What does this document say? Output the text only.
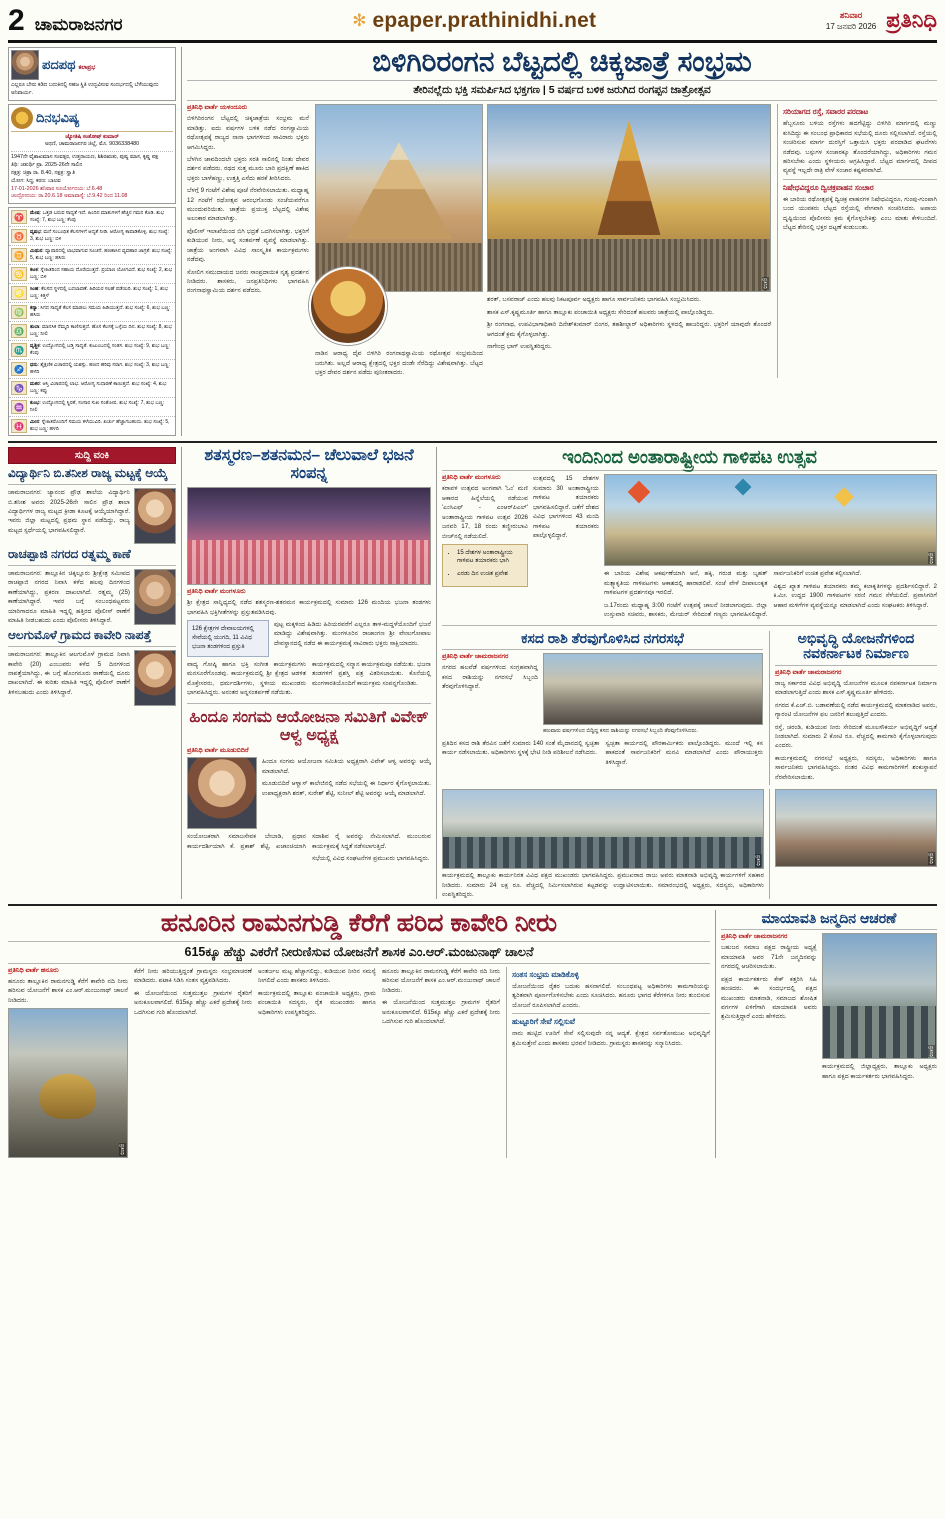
2 ಚಾಮರಾಜನಗರ	✻ epaper.prathinidhi.net	ಶನಿವಾರ
17 ಜನವರಿ 2026 ಪ್ರತಿನಿಧಿ
ಪದಪಥ ಕಲಾಪ್ರಭ
ಎಲ್ಲರೂ ಬೇರು ಕಡಿದ ಬದುಕಿನಲ್ಲಿ ಸಹಜ ಸ್ಥಿತಿ ಉದ್ಭವಿಸುವ ಸಂದರ್ಭದಲ್ಲಿ ಬೆಳೆಯುವುದು ಅನಿವಾರ್ಯ.
ದಿನಭವಿಷ್ಯ
ಜ್ಯೋತಿಷಿ ಸಂತೋಷ್ ಕುಮಾರ್
ಅಥಣಿ, ಚಾಮರಾಜನಗರ ಜಿಲ್ಲೆ, ಮೊ. 9036338480
1947ನೇ ವೈಶಾಖಮಾಸ ಸಂವತ್ಸರ, ಉತ್ತರಾಯಣ, ಶಿಶಿರಋತು, ಪುಷ್ಯ ಮಾಸ, ಕೃಷ್ಣ ಪಕ್ಷ
ತಿಥಿ: ಚತುರ್ಥಿ ಪ್ರಾ. 2025-26ನೇ ಸಾಲಿನ
ನಕ್ಷತ್ರ: ಚಿತ್ರಾ ರಾ. 8.40, ನಕ್ಷತ್ರ: ಸ್ವಾತಿ
ಯೋಗ: ಸಿದ್ಧ, ಕರಣ: ಬಾಲವ
17-01-2026 ಶನಿವಾರ ಸೂರ್ಯೋದಯ: ಬೆ.6.48
ಚಂದ್ರೋದಯ: ರಾ.20.6.18 ಅಮಾವಾಸ್ಯೆ: ಬೆ.9.42 ರಿಂದ 11.08
♈	ಮೇಷ: ಒತ್ತಡ ಬರುವ ಸಾಧ್ಯತೆ ಇದೆ. ಹಿಂದಿನ ಮಾತುಗಳಿಗೆ ಹೆಚ್ಚಿನ ಗಮನ ಕೊಡಿ. ಶುಭ ಸಂಖ್ಯೆ: 7, ಶುಭ ಬಣ್ಣ: ಕೆಂಪು
♉	ವೃಷಭ: ಮನೆ ಸಂಬಂಧಿತ ಕೆಲಸಗಳಿಗೆ ಆದ್ಯತೆ ನೀಡಿ. ಆರೋಗ್ಯ ಕಾಪಾಡಿಕೊಳ್ಳಿ. ಶುಭ ಸಂಖ್ಯೆ: 3, ಶುಭ ಬಣ್ಣ: ಬಿಳಿ
♊	ಮಿಥುನ: ವ್ಯಾಪಾರದಲ್ಲಿ ಲಾಭವಾಗುವ ಸೂಚನೆ. ಹಣಕಾಸಿನ ವ್ಯವಹಾರ ಜಾಗ್ರತೆ. ಶುಭ ಸಂಖ್ಯೆ: 5, ಶುಭ ಬಣ್ಣ: ಹಸಿರು
♋	ಕಟಕ: ಸ್ನೇಹಿತರಿಂದ ಸಹಾಯ ದೊರೆಯುತ್ತದೆ. ಪ್ರಯಾಣ ಯೋಗವಿದೆ. ಶುಭ ಸಂಖ್ಯೆ: 2, ಶುಭ ಬಣ್ಣ: ಬಿಳಿ
♌	ಸಿಂಹ: ಕೆಲಸದ ಸ್ಥಳದಲ್ಲಿ ಬದಲಾವಣೆ. ಹಿರಿಯರ ಸಲಹೆ ಪಡೆಯಿರಿ. ಶುಭ ಸಂಖ್ಯೆ: 1, ಶುಭ ಬಣ್ಣ: ಕಿತ್ತಳೆ
♍	ಕನ್ಯಾ: ಸಿಗದ ಸಾಧ್ಯತೆ ಕೆಲಸ ಮಾಡಲು ಸಮಯ ಹಿಡಿಯುತ್ತದೆ. ಶುಭ ಸಂಖ್ಯೆ: 6, ಶುಭ ಬಣ್ಣ: ಹಸಿರು
♎	ತುಲಾ: ಮಾನಸಿಕ ನೆಮ್ಮದಿ ಕಾಣಿಸುತ್ತದೆ. ಹೊಸ ಕೆಲಸಕ್ಕೆ ಒಳ್ಳೆಯ ದಿನ. ಶುಭ ಸಂಖ್ಯೆ: 8, ಶುಭ ಬಣ್ಣ: ನೀಲಿ
♏	ವೃಶ್ಚಿಕ: ಉದ್ಯೋಗದಲ್ಲಿ ಬಡ್ತಿ ಸಾಧ್ಯತೆ. ಕುಟುಂಬದಲ್ಲಿ ಸಂತಸ. ಶುಭ ಸಂಖ್ಯೆ: 9, ಶುಭ ಬಣ್ಣ: ಕೆಂಪು
♐	ಧನು: ಶೈಕ್ಷಣಿಕ ವಿಚಾರದಲ್ಲಿ ಯಶಸ್ಸು. ಹಣದ ಹರಿವು ಸರಾಗ. ಶುಭ ಸಂಖ್ಯೆ: 3, ಶುಭ ಬಣ್ಣ: ಹಳದಿ
♑	ಮಕರ: ಆಸ್ತಿ ವಿಚಾರದಲ್ಲಿ ಲಾಭ. ಆರೋಗ್ಯ ಸುಧಾರಣೆ ಕಾಣುತ್ತದೆ. ಶುಭ ಸಂಖ್ಯೆ: 4, ಶುಭ ಬಣ್ಣ: ಕಪ್ಪು
♒	ಕುಂಭ: ಉದ್ಯೋಗದಲ್ಲಿ ಸ್ಥಿರತೆ, ಸಂಸಾರ ಸುಖ ಸಂತೋಷ. ಶುಭ ಸಂಖ್ಯೆ: 7, ಶುಭ ಬಣ್ಣ: ನೀಲಿ
♓	ಮೀನ: ಸ್ನೇಹಿತರೊಂದಿಗೆ ಸಮಯ ಕಳೆಯುವಿರಿ. ಖರ್ಚು ಹೆಚ್ಚಾಗಬಹುದು. ಶುಭ ಸಂಖ್ಯೆ: 5, ಶುಭ ಬಣ್ಣ: ಹಳದಿ
ಬಿಳಿಗಿರಿರಂಗನ ಬೆಟ್ಟದಲ್ಲಿ ಚಿಕ್ಕಜಾತ್ರೆ ಸಂಭ್ರಮ
ತೇರಿನಲ್ಲೆದು ಭಕ್ತಿ ಸಮರ್ಪಿಸಿದ ಭಕ್ತಗಣ | 5 ವರ್ಷದ ಬಳಿಕ ಜರುಗಿದ ರಂಗಪ್ಪನ ಜಾತ್ರೋತ್ಸವ
ಪ್ರತಿನಿಧಿ ವಾರ್ತೆ ಯಳಂದೂರು

ಬಿಳಿಗಿರಿರಂಗನ ಬೆಟ್ಟದಲ್ಲಿ ಚಿಕ್ಕಜಾತ್ರೆಯ ಸಂಭ್ರಮ ಮನೆ ಮಾಡಿತ್ತು. ಐದು ವರ್ಷಗಳ ಬಳಿಕ ನಡೆದ ರಂಗಸ್ವಾಮಿಯ ರಥೋತ್ಸವಕ್ಕೆ ರಾಜ್ಯದ ನಾನಾ ಭಾಗಗಳಿಂದ ಸಾವಿರಾರು ಭಕ್ತರು ಆಗಮಿಸಿದ್ದರು.

ಬೆಳಗಿನ ಜಾವದಿಂದಲೇ ಭಕ್ತರು ಸರತಿ ಸಾಲಿನಲ್ಲಿ ನಿಂತು ದೇವರ ದರ್ಶನ ಪಡೆದರು. ರಥದ ಸುತ್ತ ಮೂರು ಬಾರಿ ಪ್ರದಕ್ಷಿಣೆ ಹಾಕಿದ ಭಕ್ತರು ಬಾಳೆಹಣ್ಣು, ಉತ್ತತ್ತಿ ಎಸೆದು ಹರಕೆ ತೀರಿಸಿದರು.

ಬೆಳಗ್ಗೆ 9 ಗಂಟೆಗೆ ವಿಶೇಷ ಪೂಜೆ ನೆರವೇರಿಸಲಾಯಿತು. ಮಧ್ಯಾಹ್ನ 12 ಗಂಟೆಗೆ ರಥೋತ್ಸವ ಆರಂಭಗೊಂಡು ಸಂಜೆಯವರೆಗೂ ಮುಂದುವರಿಯಿತು. ಜಾತ್ರೆಯ ಪ್ರಯುಕ್ತ ಬೆಟ್ಟದಲ್ಲಿ ವಿಶೇಷ ಅಲಂಕಾರ ಮಾಡಲಾಗಿತ್ತು.

ಪೊಲೀಸ್ ಇಲಾಖೆಯಿಂದ ಬಿಗಿ ಭದ್ರತೆ ಒದಗಿಸಲಾಗಿತ್ತು. ಭಕ್ತರಿಗೆ ಕುಡಿಯುವ ನೀರು, ಅನ್ನ ಸಂತರ್ಪಣೆ ವ್ಯವಸ್ಥೆ ಮಾಡಲಾಗಿತ್ತು. ಜಾತ್ರೆಯ ಅಂಗವಾಗಿ ವಿವಿಧ ಸಾಂಸ್ಕೃತಿಕ ಕಾರ್ಯಕ್ರಮಗಳು ನಡೆದವು.

ಸೋಲಿಗ ಸಮುದಾಯದ ಜನರು ಸಾಂಪ್ರದಾಯಿಕ ನೃತ್ಯ ಪ್ರದರ್ಶನ ನೀಡಿದರು. ಶಾಸಕರು, ಜನಪ್ರತಿನಿಧಿಗಳು ಭಾಗವಹಿಸಿ ರಂಗನಾಥಸ್ವಾಮಿಯ ದರ್ಶನ ಪಡೆದರು.

ಪ್ರತಿನಿಧಿ
ನಾಡಿನ ಆರಾಧ್ಯ ದೈವ ಬಿಳಿಗಿರಿ ರಂಗನಾಥಸ್ವಾಮಿಯ ರಥೋತ್ಸವ ಸಂಭ್ರಮದಿಂದ ಜರುಗಿತು. ಅಲ್ಲದೆ ಆರಾಧ್ಯ ಕ್ಷೇತ್ರದಲ್ಲಿ ಭಕ್ತರ ದಂಡೇ ನೆರೆದಿದ್ದು ವಿಶೇಷವಾಗಿತ್ತು. ಬೆಟ್ಟದ ಭಕ್ತರ ದೇವರ ದರ್ಶನ ಪಡೆದು ಪುನೀತರಾದರು.

ಶರತ್, ಬಸವರಾಜ್ ಎಂದು ಹಲವು ನಿಕಟಪೂರ್ವ ಅಧ್ಯಕ್ಷರು ಹಾಗೂ ಸಾರ್ವಜನಿಕರು ಭಾಗವಹಿಸಿ ಸಂಭ್ರಮಿಸಿದರು.

ಶಾಸಕ ಎಸ್.ಕೃಷ್ಣಮೂರ್ತಿ ಹಾಗೂ ತಾಲ್ಲೂಕು ಪಂಚಾಯಿತಿ ಅಧ್ಯಕ್ಷರು ಸೇರಿದಂತೆ ಹಲವರು ಜಾತ್ರೆಯಲ್ಲಿ ಪಾಲ್ಗೊಂಡಿದ್ದರು.

ಶ್ರೀ ರಂಗನಾಥ, ಉಪವಿಭಾಗಾಧಿಕಾರಿ ದಿನೇಶ್‌ಕುಮಾರ್ ಬಿಂಗರ, ತಹಶೀಲ್ದಾರ್ ಅಧಿಕಾರಿಗಳು ಸ್ಥಳದಲ್ಲಿ ಹಾಜರಿದ್ದರು. ಭಕ್ತರಿಗೆ ಯಾವುದೇ ತೊಂದರೆ ಆಗದಂತೆ ಕ್ರಮ ಕೈಗೊಳ್ಳಲಾಗಿತ್ತು.

ನಾಗೇಂದ್ರ ಭಾಗ್ ಉಪಸ್ಥಿತರಿದ್ದರು.

ಸರಿಯಾಗದ ರಸ್ತೆ, ಸವಾರರ ಪರದಾಟ
ಹೆಬ್ಬಸೂರು ಬಳಿಯ ರಸ್ತೆಗಳು ಹದಗೆಟ್ಟಿದ್ದು ಬಿಳಿಗಿರಿ ಮಾರ್ಗದಲ್ಲಿ ಮಣ್ಣು ಕುಸಿದಿದ್ದು ಈ ಸಂಬಂಧ ಪ್ರಾಧಿಕಾರದ ಸಭೆಯಲ್ಲಿ ದೂರು ಸಲ್ಲಿಸಲಾಗಿದೆ. ರಸ್ತೆಯಲ್ಲಿ ಸಂಚರಿಸುವ ಮಾರ್ಗ ದುರಸ್ತಿಗೆ ಒತ್ತಾಯಿಸಿ ಭಕ್ತರು ಪರದಾಡಿದ ಘಟನೆಗಳು ನಡೆದವು. ಬಸ್ಸುಗಳ ಸಂಚಾರಕ್ಕೂ ತೊಂದರೆಯಾಗಿದ್ದು, ಅಧಿಕಾರಿಗಳು ಗಮನ ಹರಿಸಬೇಕು ಎಂದು ಸ್ಥಳೀಯರು ಆಗ್ರಹಿಸಿದ್ದಾರೆ. ಬೆಟ್ಟದ ಮಾರ್ಗದಲ್ಲಿ ದೀಪದ ವ್ಯವಸ್ಥೆ ಇಲ್ಲದೇ ರಾತ್ರಿ ವೇಳೆ ಸಂಚಾರ ಕಷ್ಟಕರವಾಗಿದೆ.
ನಿಷೇಧವಿದ್ದರೂ ದ್ವಿಚಕ್ರವಾಹನ ಸಂಚಾರ
ಈ ಬಾರಿಯ ರಥೋತ್ಸವಕ್ಕೆ ದ್ವಿಚಕ್ರ ವಾಹನಗಳ ನಿಷೇಧವಿದ್ದರೂ, ಗುಂಪು-ಗುಂಪಾಗಿ ಬಂದ ಯುವಕರು ಬೆಟ್ಟದ ರಸ್ತೆಯಲ್ಲಿ ವೇಗವಾಗಿ ಸಂಚರಿಸಿದರು. ಅಪಾಯ ದೃಷ್ಟಿಯಿಂದ ಪೊಲೀಸರು ಕ್ರಮ ಕೈಗೊಳ್ಳಬೇಕಿತ್ತು ಎಂಬ ಮಾತು ಕೇಳಿಬಂದಿದೆ. ಬೆಟ್ಟದ ತೇರಿನಲ್ಲಿ ಭಕ್ತರ ದಟ್ಟಣೆ ಕಂಡುಬಂತು.
ಸುದ್ದಿ ವಂಕಿ
ವಿದ್ಯಾರ್ಥಿನಿ ಬಿ.ತನೀಶ ರಾಜ್ಯ ಮಟ್ಟಕ್ಕೆ ಆಯ್ಕೆ
ಚಾಮರಾಜನಗರ: ಜ್ಯಾನಂದ ಪ್ರೌಢ ಶಾಲೆಯ ವಿದ್ಯಾರ್ಥಿನಿ ಬಿ.ತನೀಶ ಅವರು 2025-26ನೇ ಸಾಲಿನ ಪ್ರೌಢ ಶಾಲಾ ವಿದ್ಯಾರ್ಥಿಗಳ ರಾಜ್ಯ ಮಟ್ಟದ ಕ್ರೀಡಾ ಕೂಟಕ್ಕೆ ಆಯ್ಕೆಯಾಗಿದ್ದಾರೆ. ಇವರು ಜಿಲ್ಲಾ ಮಟ್ಟದಲ್ಲಿ ಪ್ರಥಮ ಸ್ಥಾನ ಪಡೆದಿದ್ದು, ರಾಜ್ಯ ಮಟ್ಟದ ಸ್ಪರ್ಧೆಯಲ್ಲಿ ಭಾಗವಹಿಸಲಿದ್ದಾರೆ.
ರಾಚಪ್ಪಾಜಿ ನಗರದ ರತ್ನಮ್ಮ ಕಾಣೆ
ಚಾಮರಾಜನಗರ: ತಾಲ್ಲೂಕಿನ ಚಿಕ್ಕಲ್ಲೂರು ಶ್ರೀಕ್ಷೇತ್ರ ಸಮೀಪದ ರಾಚಪ್ಪಾಜಿ ನಗರದ ನಿವಾಸಿ ಕಳೆದ ಹಲವು ದಿನಗಳಿಂದ ಕಾಣೆಯಾಗಿದ್ದು, ಪ್ರಕರಣ ದಾಖಲಾಗಿದೆ. ರತ್ನಮ್ಮ (25) ಕಾಣೆಯಾಗಿದ್ದಾರೆ. ಇವರ ಬಗ್ಗೆ ಸಂಬಂಧಪಟ್ಟವರು ಯಾರಿಗಾದರೂ ಮಾಹಿತಿ ಇದ್ದಲ್ಲಿ ಹತ್ತಿರದ ಪೊಲೀಸ್ ಠಾಣೆಗೆ ಮಾಹಿತಿ ನೀಡಬಹುದು ಎಂದು ಪೊಲೀಸರು ತಿಳಿಸಿದ್ದಾರೆ.
ಆಲಗುಮೊಳೆ ಗ್ರಾಮದ ಕಾವೇರಿ ನಾಪತ್ತೆ
ಚಾಮರಾಜನಗರ: ತಾಲ್ಲೂಕಿನ ಆಲಗುಮೊಳೆ ಗ್ರಾಮದ ನಿವಾಸಿ ಕಾವೇರಿ (20) ಎಂಬುವರು ಕಳೆದ 5 ದಿನಗಳಿಂದ ನಾಪತ್ತೆಯಾಗಿದ್ದು, ಈ ಬಗ್ಗೆ ಹೊಂಗನೂರು ಠಾಣೆಯಲ್ಲಿ ದೂರು ದಾಖಲಾಗಿದೆ. ಈ ಕುರಿತು ಮಾಹಿತಿ ಇದ್ದಲ್ಲಿ ಪೊಲೀಸ್ ಠಾಣೆಗೆ ತಿಳಿಸಬಹುದು ಎಂದು ತಿಳಿಸಿದ್ದಾರೆ.
ಶತಸ್ಮರಣ–ಶತನಮನ– ಚೆಲುವಾಲೆ ಭಜನೆ ಸಂಪನ್ನ
ಪ್ರತಿನಿಧಿ ವಾರ್ತೆ ಮಂಗಳೂರು
ಶ್ರೀ ಕ್ಷೇತ್ರದ ಸಾನ್ನಿಧ್ಯದಲ್ಲಿ ನಡೆದ ಶತಸ್ಮರಣ-ಶತನಮನ ಕಾರ್ಯಕ್ರಮದಲ್ಲಿ ಸುಮಾರು 126 ಮಂದಿಯ ಭಜನಾ ತಂಡಗಳು ಭಾಗವಹಿಸಿ ಭಕ್ತಿಗೀತೆಗಳನ್ನು ಪ್ರಸ್ತುತಪಡಿಸಿದವು.
126 ಕ್ಷೇತ್ರಗಳ ದೇವಾಲಯಗಳಲ್ಲಿ ಸೇವೆಯಲ್ಲಿ ಯುಗದಿ, 11 ವಿವಿಧ ಭಜನಾ ತಂಡಗಳಿಂದ ಪ್ರಸ್ತುತಿ

ಪುಟ್ಟ ಮಕ್ಕಳಿಂದ ಹಿಡಿದು ಹಿರಿಯರವರೆಗೆ ಎಲ್ಲರೂ ತಾಳ-ಮದ್ದಳೆಯೊಂದಿಗೆ ಭಜನೆ ಮಾಡಿದ್ದು ವಿಶೇಷವಾಗಿತ್ತು. ಮಂಗಳೂರಿನ ರಾಜಾಂಗಣ ಶ್ರೀ ವೇಣುಗೋಪಾಲ ದೇವಸ್ಥಾನದಲ್ಲಿ ನಡೆದ ಈ ಕಾರ್ಯಕ್ರಮಕ್ಕೆ ಸಾವಿರಾರು ಭಕ್ತರು ಸಾಕ್ಷಿಯಾದರು.

ವಾದ್ಯ ಗೋಷ್ಠಿ ಹಾಗೂ ಭಕ್ತಿ ಸಂಗೀತ ಕಾರ್ಯಕ್ರಮಗಳು ಮನಸೂರೆಗೊಂಡವು. ಕಾರ್ಯಕ್ರಮದಲ್ಲಿ ಶ್ರೀ ಕ್ಷೇತ್ರದ ಆಡಳಿತ ಮೊಕ್ತೇಸರರು, ಧರ್ಮದರ್ಶಿಗಳು, ಸ್ಥಳೀಯ ಮುಖಂಡರು ಭಾಗವಹಿಸಿದ್ದರು. ಅನಂತರ ಅನ್ನಸಂತರ್ಪಣೆ ನಡೆಯಿತು.

ಕಾರ್ಯಕ್ರಮದಲ್ಲಿ ಸನ್ಮಾನ ಕಾರ್ಯಕ್ರಮವೂ ನಡೆಯಿತು. ಭಜನಾ ತಂಡಗಳಿಗೆ ಪ್ರಶಸ್ತಿ ಪತ್ರ ವಿತರಿಸಲಾಯಿತು. ಕೊನೆಯಲ್ಲಿ ಮಂಗಳಾರತಿಯೊಂದಿಗೆ ಕಾರ್ಯಕ್ರಮ ಸಂಪನ್ನಗೊಂಡಿತು.

ಹಿಂದೂ ಸಂಗಮ ಆಯೋಜನಾ ಸಮಿತಿಗೆ ವಿವೇಕ್ ಆಳ್ವ ಅಧ್ಯಕ್ಷ
ಪ್ರತಿನಿಧಿ ವಾರ್ತೆ ಮೂಡುಬಿದಿರೆ

ಹಿಂದೂ ಸಂಗಮ ಆಯೋಜನಾ ಸಮಿತಿಯ ಅಧ್ಯಕ್ಷರಾಗಿ ವಿವೇಕ್ ಆಳ್ವ ಅವರನ್ನು ಆಯ್ಕೆ ಮಾಡಲಾಗಿದೆ.

ಮೂಡುಬಿದಿರೆ ಆಳ್ವಾಸ್ ಕಾಲೇಜಿನಲ್ಲಿ ನಡೆದ ಸಭೆಯಲ್ಲಿ ಈ ನಿರ್ಧಾರ ಕೈಗೊಳ್ಳಲಾಯಿತು. ಉಪಾಧ್ಯಕ್ಷರಾಗಿ ಶರತ್, ಸುರೇಶ್ ಶೆಟ್ಟಿ, ಸುನೀಲ್ ಶೆಟ್ಟಿ ಅವರನ್ನು ಆಯ್ಕೆ ಮಾಡಲಾಗಿದೆ.

ಸಂಯೋಜಕರಾಗಿ ಸಮಾಜಸೇವಕ ಬೇಬಾಡಿ, ಪ್ರಧಾನ ಕಾರ್ಯದರ್ಶಿಯಾಗಿ ಕೆ. ಪ್ರಕಾಶ್ ಶೆಟ್ಟಿ, ಖಜಾಂಚಿಯಾಗಿ ಸದಾಶಿವ ರೈ ಅವರನ್ನು ನೇಮಿಸಲಾಗಿದೆ. ಮುಂಬರುವ ಕಾರ್ಯಕ್ರಮಕ್ಕೆ ಸಿದ್ಧತೆ ನಡೆಸಲಾಗುತ್ತಿದೆ.

ಸಭೆಯಲ್ಲಿ ವಿವಿಧ ಸಂಘಟನೆಗಳ ಪ್ರಮುಖರು ಭಾಗವಹಿಸಿದ್ದರು.

ಇಂದಿನಿಂದ ಅಂತಾರಾಷ್ಟ್ರೀಯ ಗಾಳಿಪಟ ಉತ್ಸವ
ಪ್ರತಿನಿಧಿ ವಾರ್ತೆ ಮಂಗಳೂರು
ಕರಾವಳಿ ಉತ್ಸವದ ಅಂಗವಾಗಿ 'ಓಂ' ಮಣಿ ಆಕಾರದ ಹಿನ್ನೆಲೆಯಲ್ಲಿ ನಡೆಯುವ 'ಎಂಸಿಎಫ್ - ಎಂಆರ್‌ಪಿಎಲ್' ಅಂತಾರಾಷ್ಟ್ರೀಯ ಗಾಳಿಪಟ ಉತ್ಸವ 2026 ಜನವರಿ 17, 18 ರಂದು ತಣ್ಣೀರುಬಾವಿ ಬೀಚ್‌ನಲ್ಲಿ ನಡೆಯಲಿದೆ.
• 15 ದೇಶಗಳ ಅಂತಾರಾಷ್ಟ್ರೀಯ ಗಾಳಿಪಟ ತಯಾರಕರು ಭಾಗಿ
• ಎರಡು ದಿನ ಉಚಿತ ಪ್ರವೇಶ

ಉತ್ಸವದಲ್ಲಿ 15 ದೇಶಗಳ ಸುಮಾರು 30 ಅಂತಾರಾಷ್ಟ್ರೀಯ ಗಾಳಿಪಟ ತಯಾರಕರು ಭಾಗವಹಿಸಲಿದ್ದಾರೆ. ಜತೆಗೆ ದೇಶದ ವಿವಿಧ ಭಾಗಗಳಿಂದ 43 ಮಂದಿ ಗಾಳಿಪಟ ತಯಾರಕರು ಪಾಲ್ಗೊಳ್ಳಲಿದ್ದಾರೆ.

ಪ್ರತಿನಿಧಿ

ಈ ಬಾರಿಯ ವಿಶೇಷ ಆಕರ್ಷಣೆಯಾಗಿ ಆನೆ, ಹಕ್ಕಿ, ಗರುಡ ಮತ್ತು ಬೃಹತ್ ಮತ್ಸ್ಯಾಕೃತಿಯ ಗಾಳಿಪಟಗಳು ಆಕಾಶದಲ್ಲಿ ಹಾರಾಡಲಿವೆ. ಸಂಜೆ ವೇಳೆ ದೀಪಾಲಂಕೃತ ಗಾಳಿಪಟಗಳ ಪ್ರದರ್ಶನವೂ ಇರಲಿದೆ.

ಜ.17ರಂದು ಮಧ್ಯಾಹ್ನ 3:00 ಗಂಟೆಗೆ ಉತ್ಸವಕ್ಕೆ ಚಾಲನೆ ನೀಡಲಾಗುವುದು. ಜಿಲ್ಲಾ ಉಸ್ತುವಾರಿ ಸಚಿವರು, ಶಾಸಕರು, ಮೇಯರ್ ಸೇರಿದಂತೆ ಗಣ್ಯರು ಭಾಗವಹಿಸಲಿದ್ದಾರೆ. ಸಾರ್ವಜನಿಕರಿಗೆ ಉಚಿತ ಪ್ರವೇಶ ಕಲ್ಪಿಸಲಾಗಿದೆ.

ವಿಶ್ವದ ಖ್ಯಾತ ಗಾಳಿಪಟ ತಯಾರಕರು ತಮ್ಮ ಕಲಾಕೃತಿಗಳನ್ನು ಪ್ರದರ್ಶಿಸಲಿದ್ದಾರೆ. 2 ಕಿ.ಮೀ. ಉದ್ದದ 1900 ಗಾಳಿಪಟಗಳ ಸರಣಿ ಗಮನ ಸೆಳೆಯಲಿದೆ. ಪ್ರವಾಸಿಗರಿಗೆ ಆಹಾರ ಮಳಿಗೆಗಳ ವ್ಯವಸ್ಥೆಯನ್ನೂ ಮಾಡಲಾಗಿದೆ ಎಂದು ಸಂಘಟಕರು ತಿಳಿಸಿದ್ದಾರೆ.

ಕಸದ ರಾಶಿ ತೆರವುಗೊಳಿಸಿದ ನಗರಸಭೆ
ಪ್ರತಿನಿಧಿ ವಾರ್ತೆ ಚಾಮರಾಜನಗರ
ನಗರದ ಹಲವೆಡೆ ವರ್ಷಗಳಿಂದ ಸಂಗ್ರಹವಾಗಿದ್ದ ಕಸದ ರಾಶಿಯನ್ನು ನಗರಸಭೆ ಸಿಬ್ಬಂದಿ ತೆರವುಗೊಳಿಸಿದ್ದಾರೆ.
ಹಲವಾರು ವರ್ಷಗಳಿಂದ ಬಿದ್ದಿದ್ದ ಕಸದ ರಾಶಿಯನ್ನು ನಗರಸಭೆ ಸಿಬ್ಬಂದಿ ತೆರವುಗೊಳಿಸಿದರು.

ಪ್ರತಿದಿನ ಕಸದ ರಾಶಿ ತೆರವಿನ ಜತೆಗೆ ಸುಮಾರು 140 ಸಂತೆ ಮೈದಾನದಲ್ಲಿ ಸ್ವಚ್ಛತಾ ಕಾರ್ಯ ನಡೆಸಲಾಯಿತು. ಅಧಿಕಾರಿಗಳು ಸ್ಥಳಕ್ಕೆ ಭೇಟಿ ನೀಡಿ ಪರಿಶೀಲನೆ ನಡೆಸಿದರು.

ಸ್ವಚ್ಛತಾ ಕಾರ್ಯದಲ್ಲಿ ಪೌರಕಾರ್ಮಿಕರು ಪಾಲ್ಗೊಂಡಿದ್ದರು. ಮುಂದೆ ಇಲ್ಲಿ ಕಸ ಹಾಕದಂತೆ ಸಾರ್ವಜನಿಕರಿಗೆ ಮನವಿ ಮಾಡಲಾಗಿದೆ ಎಂದು ಪೌರಾಯುಕ್ತರು ತಿಳಿಸಿದ್ದಾರೆ.

ಅಭಿವೃದ್ಧಿ ಯೋಜನೆಗಳಿಂದ ನವಕರ್ನಾಟಕ ನಿರ್ಮಾಣ
ಪ್ರತಿನಿಧಿ ವಾರ್ತೆ ಚಾಮರಾಜನಗರ

ರಾಜ್ಯ ಸರ್ಕಾರದ ವಿವಿಧ ಅಭಿವೃದ್ಧಿ ಯೋಜನೆಗಳ ಮೂಲಕ ನವಕರ್ನಾಟಕ ನಿರ್ಮಾಣ ಮಾಡಲಾಗುತ್ತಿದೆ ಎಂದು ಶಾಸಕ ಎಸ್.ಕೃಷ್ಣಮೂರ್ತಿ ಹೇಳಿದರು.

ನಗರದ ಕೆ.ಎಚ್.ಬಿ. ಬಡಾವಣೆಯಲ್ಲಿ ನಡೆದ ಕಾರ್ಯಕ್ರಮದಲ್ಲಿ ಮಾತನಾಡಿದ ಅವರು, ಗ್ಯಾರಂಟಿ ಯೋಜನೆಗಳ ಫಲ ಜನರಿಗೆ ತಲುಪುತ್ತಿದೆ ಎಂದರು.

ರಸ್ತೆ, ಚರಂಡಿ, ಕುಡಿಯುವ ನೀರು ಸೇರಿದಂತೆ ಮೂಲಸೌಕರ್ಯ ಅಭಿವೃದ್ಧಿಗೆ ಆದ್ಯತೆ ನೀಡಲಾಗಿದೆ. ಸುಮಾರು 2 ಕೋಟಿ ರೂ. ವೆಚ್ಚದಲ್ಲಿ ಕಾಮಗಾರಿ ಕೈಗೊಳ್ಳಲಾಗುವುದು ಎಂದರು.

ಕಾರ್ಯಕ್ರಮದಲ್ಲಿ ನಗರಸಭೆ ಅಧ್ಯಕ್ಷರು, ಸದಸ್ಯರು, ಅಧಿಕಾರಿಗಳು ಹಾಗೂ ಸಾರ್ವಜನಿಕರು ಭಾಗವಹಿಸಿದ್ದರು. ನಂತರ ವಿವಿಧ ಕಾಮಗಾರಿಗಳಿಗೆ ಶಂಕುಸ್ಥಾಪನೆ ನೆರವೇರಿಸಲಾಯಿತು.

ಪ್ರತಿನಿಧಿ
ಕಾರ್ಯಕ್ರಮದಲ್ಲಿ ತಾಲ್ಲೂಕು ಕಾರ್ಯನಿರತ ವಿವಿಧ ಪಕ್ಷದ ಮುಖಂಡರು ಭಾಗವಹಿಸಿದ್ದರು. ಪ್ರಮುಖರಾದ ರಾಜು ಅವರು ಮಾತನಾಡಿ ಅಭಿವೃದ್ಧಿ ಕಾರ್ಯಗಳಿಗೆ ಸಹಕಾರ ನೀಡಿದರು. ಸುಮಾರು 24 ಲಕ್ಷ ರೂ. ವೆಚ್ಚದಲ್ಲಿ ನಿರ್ಮಿಸಲಾಗಿರುವ ಕಟ್ಟಡವನ್ನು ಉದ್ಘಾಟಿಸಲಾಯಿತು. ಸಮಾರಂಭದಲ್ಲಿ ಅಧ್ಯಕ್ಷರು, ಸದಸ್ಯರು, ಅಧಿಕಾರಿಗಳು ಉಪಸ್ಥಿತರಿದ್ದರು.
ಪ್ರತಿನಿಧಿ
ಹನೂರಿನ ರಾಮನಗುಡ್ಡಿ ಕೆರೆಗೆ ಹರಿದ ಕಾವೇರಿ ನೀರು
615ಕ್ಕೂ ಹೆಚ್ಚು ಎಕರೆಗೆ ನೀರುಣಿಸುವ ಯೋಜನೆಗೆ ಶಾಸಕ ಎಂ.ಆರ್.ಮಂಜುನಾಥ್ ಚಾಲನೆ
ಪ್ರತಿನಿಧಿ ವಾರ್ತೆ ಹನೂರು
ಹನೂರು ತಾಲ್ಲೂಕಿನ ರಾಮನಗುಡ್ಡಿ ಕೆರೆಗೆ ಕಾವೇರಿ ನದಿ ನೀರು ಹರಿಸುವ ಯೋಜನೆಗೆ ಶಾಸಕ ಎಂ.ಆರ್.ಮಂಜುನಾಥ್ ಚಾಲನೆ ನೀಡಿದರು.
ಪ್ರತಿನಿಧಿ

ಕೆರೆಗೆ ನೀರು ಹರಿಯುತ್ತಿದ್ದಂತೆ ಗ್ರಾಮಸ್ಥರು ಸಂಭ್ರಮಾಚರಣೆ ಮಾಡಿದರು. ಪಟಾಕಿ ಸಿಡಿಸಿ ಸಂತಸ ವ್ಯಕ್ತಪಡಿಸಿದರು.

ಈ ಯೋಜನೆಯಿಂದ ಸುತ್ತಮುತ್ತಲ ಗ್ರಾಮಗಳ ರೈತರಿಗೆ ಅನುಕೂಲವಾಗಲಿದೆ. 615ಕ್ಕೂ ಹೆಚ್ಚು ಎಕರೆ ಪ್ರದೇಶಕ್ಕೆ ನೀರು ಒದಗಿಸುವ ಗುರಿ ಹೊಂದಲಾಗಿದೆ.

ಅಂತರ್ಜಲ ಮಟ್ಟ ಹೆಚ್ಚಾಗಲಿದ್ದು, ಕುಡಿಯುವ ನೀರಿನ ಸಮಸ್ಯೆ ನೀಗಲಿದೆ ಎಂದು ಶಾಸಕರು ತಿಳಿಸಿದರು.

ಕಾರ್ಯಕ್ರಮದಲ್ಲಿ ತಾಲ್ಲೂಕು ಪಂಚಾಯಿತಿ ಅಧ್ಯಕ್ಷರು, ಗ್ರಾಮ ಪಂಚಾಯಿತಿ ಸದಸ್ಯರು, ರೈತ ಮುಖಂಡರು ಹಾಗೂ ಅಧಿಕಾರಿಗಳು ಉಪಸ್ಥಿತರಿದ್ದರು.

ಹನೂರು ತಾಲ್ಲೂಕಿನ ರಾಮನಗುಡ್ಡಿ ಕೆರೆಗೆ ಕಾವೇರಿ ನದಿ ನೀರು ಹರಿಸುವ ಯೋಜನೆಗೆ ಶಾಸಕ ಎಂ.ಆರ್.ಮಂಜುನಾಥ್ ಚಾಲನೆ ನೀಡಿದರು.

ಈ ಯೋಜನೆಯಿಂದ ಸುತ್ತಮುತ್ತಲ ಗ್ರಾಮಗಳ ರೈತರಿಗೆ ಅನುಕೂಲವಾಗಲಿದೆ. 615ಕ್ಕೂ ಹೆಚ್ಚು ಎಕರೆ ಪ್ರದೇಶಕ್ಕೆ ನೀರು ಒದಗಿಸುವ ಗುರಿ ಹೊಂದಲಾಗಿದೆ.

ಸಂತಸ ಸಂಭ್ರಮ ಮಾಡಿಕೊಳ್ಳಿ
ಯೋಜನೆಯಿಂದ ರೈತರ ಬದುಕು ಹಸನಾಗಲಿದೆ. ಸಂಬಂಧಪಟ್ಟ ಅಧಿಕಾರಿಗಳು ಕಾಮಗಾರಿಯನ್ನು ತ್ವರಿತವಾಗಿ ಪೂರ್ಣಗೊಳಿಸಬೇಕು ಎಂದು ಸೂಚಿಸಿದರು. ಹನೂರು ಭಾಗದ ಕೆರೆಗಳಿಗೂ ನೀರು ತುಂಬಿಸುವ ಯೋಜನೆ ರೂಪಿಸಲಾಗಿದೆ ಎಂದರು.
ಹುಟ್ಟೂರಿಗೆ ಸೇವೆ ಸಲ್ಲಿಸುವೆ
ನಾನು ಹುಟ್ಟಿದ ಊರಿಗೆ ಸೇವೆ ಸಲ್ಲಿಸುವುದೇ ನನ್ನ ಆದ್ಯತೆ. ಕ್ಷೇತ್ರದ ಸರ್ವತೋಮುಖ ಅಭಿವೃದ್ಧಿಗೆ ಶ್ರಮಿಸುತ್ತೇನೆ ಎಂದು ಶಾಸಕರು ಭರವಸೆ ನೀಡಿದರು. ಗ್ರಾಮಸ್ಥರು ಶಾಸಕರನ್ನು ಸನ್ಮಾನಿಸಿದರು.
ಮಾಯಾವತಿ ಜನ್ಮದಿನ ಆಚರಣೆ
ಪ್ರತಿನಿಧಿ ವಾರ್ತೆ ಚಾಮರಾಜನಗರ
ಬಹುಜನ ಸಮಾಜ ಪಕ್ಷದ ರಾಷ್ಟ್ರೀಯ ಅಧ್ಯಕ್ಷೆ ಮಾಯಾವತಿ ಅವರ 71ನೇ ಜನ್ಮದಿನವನ್ನು ನಗರದಲ್ಲಿ ಆಚರಿಸಲಾಯಿತು.
ಪಕ್ಷದ ಕಾರ್ಯಕರ್ತರು ಕೇಕ್ ಕತ್ತರಿಸಿ ಸಿಹಿ ಹಂಚಿದರು. ಈ ಸಂದರ್ಭದಲ್ಲಿ ಪಕ್ಷದ ಮುಖಂಡರು ಮಾತನಾಡಿ, ಸಮಾಜದ ಶೋಷಿತ ವರ್ಗಗಳ ಏಳಿಗೆಗಾಗಿ ಮಾಯಾವತಿ ಅವರು ಶ್ರಮಿಸುತ್ತಿದ್ದಾರೆ ಎಂದು ಹೇಳಿದರು.
ಪ್ರತಿನಿಧಿ
ಕಾರ್ಯಕ್ರಮದಲ್ಲಿ ಜಿಲ್ಲಾಧ್ಯಕ್ಷರು, ತಾಲ್ಲೂಕು ಅಧ್ಯಕ್ಷರು ಹಾಗೂ ಪಕ್ಷದ ಕಾರ್ಯಕರ್ತರು ಭಾಗವಹಿಸಿದ್ದರು.
